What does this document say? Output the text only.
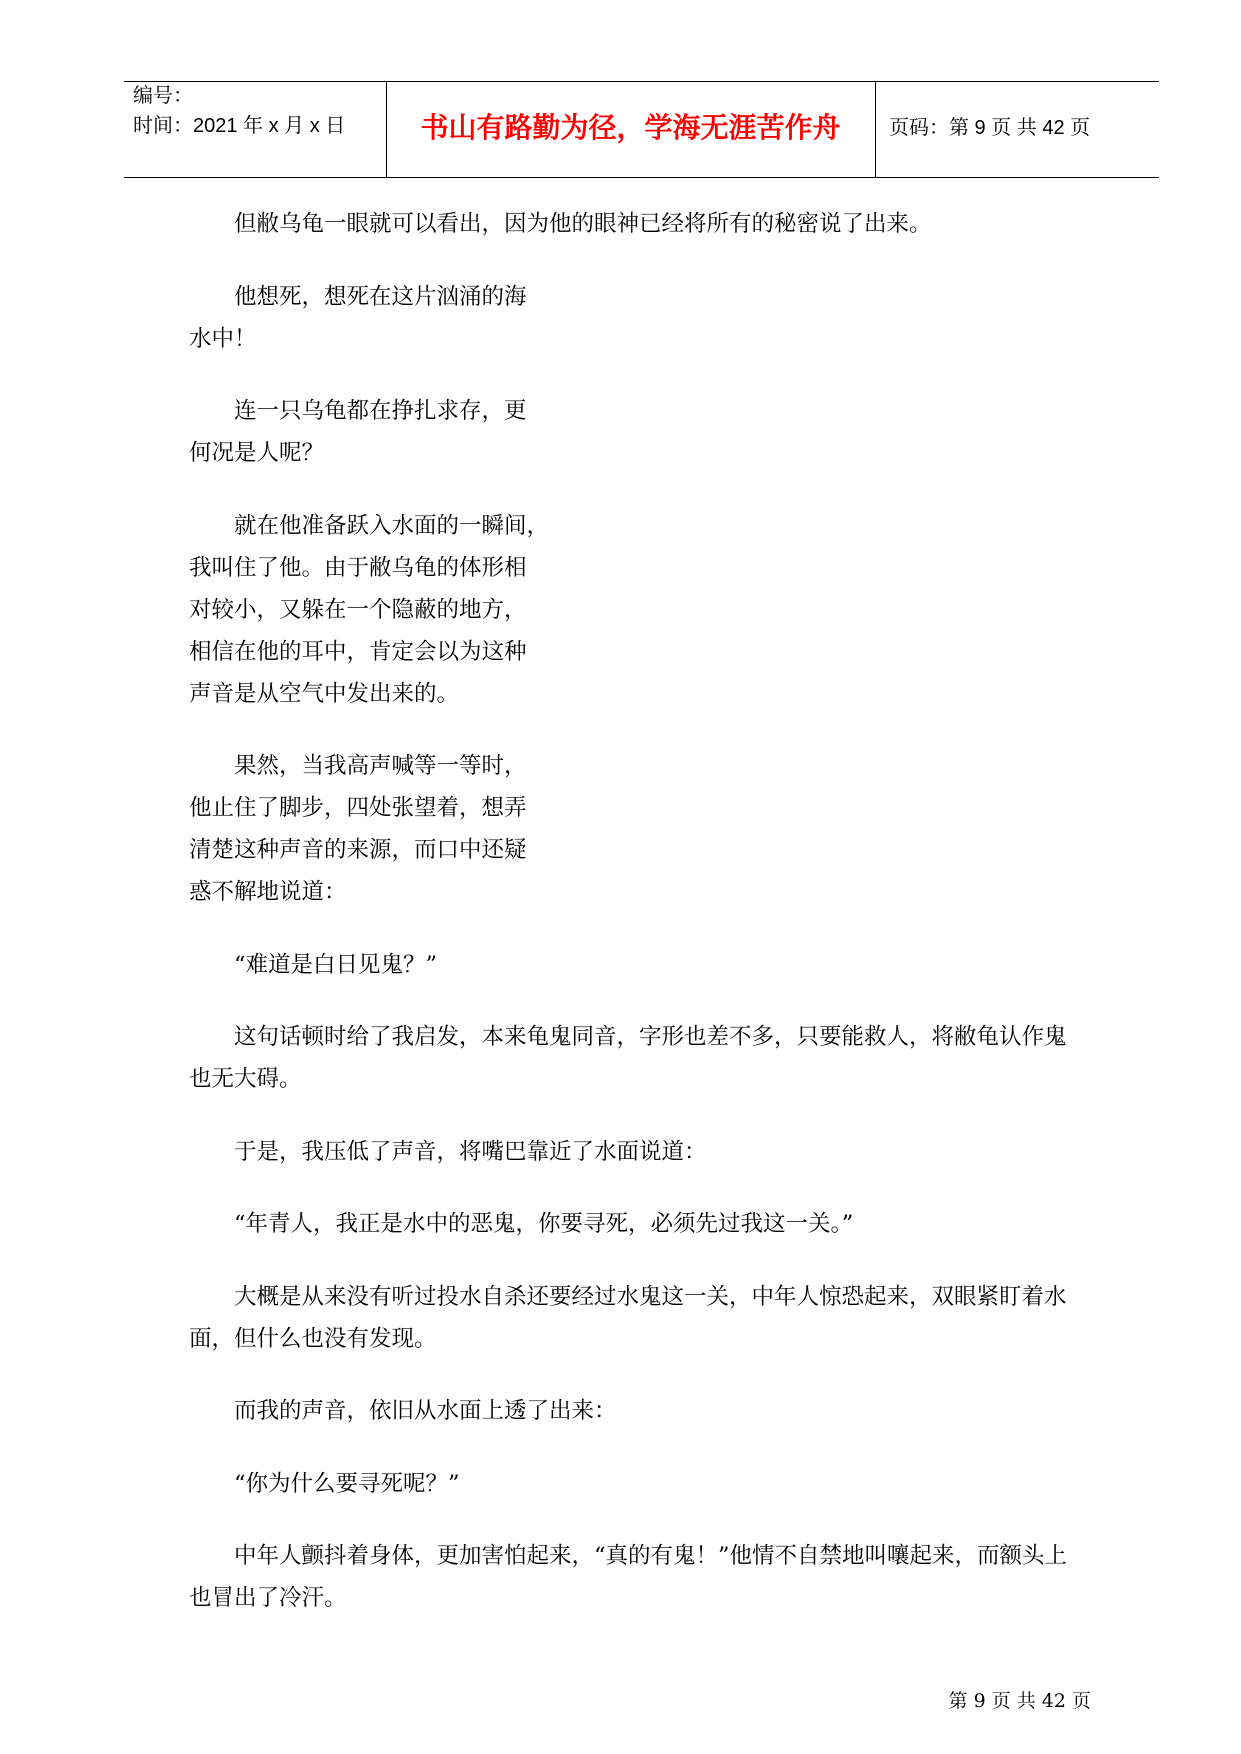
编号：
时间：2021 年 x 月 x 日	书山有路勤为径，学海无涯苦作舟	页码：第 9 页 共 42 页
但敝乌龟一眼就可以看出，因为他的眼神已经将所有的秘密说了出来。
他想死，想死在这片汹涌的海
水中！
连一只乌龟都在挣扎求存，更
何况是人呢？
就在他准备跃入水面的一瞬间，
我叫住了他。由于敝乌龟的体形相
对较小，又躲在一个隐蔽的地方，
相信在他的耳中，肯定会以为这种
声音是从空气中发出来的。
果然，当我高声喊等一等时，
他止住了脚步，四处张望着，想弄
清楚这种声音的来源，而口中还疑
惑不解地说道：
“难道是白日见鬼？”
这句话顿时给了我启发，本来龟鬼同音，字形也差不多，只要能救人，将敝龟认作鬼
也无大碍。
于是，我压低了声音，将嘴巴靠近了水面说道：
“年青人，我正是水中的恶鬼，你要寻死，必须先过我这一关。”
大概是从来没有听过投水自杀还要经过水鬼这一关，中年人惊恐起来，双眼紧盯着水
面，但什么也没有发现。
而我的声音，依旧从水面上透了出来：
“你为什么要寻死呢？”
中年人颤抖着身体，更加害怕起来，“真的有鬼！”他情不自禁地叫嚷起来，而额头上
也冒出了冷汗。
第 9 页 共 42 页
